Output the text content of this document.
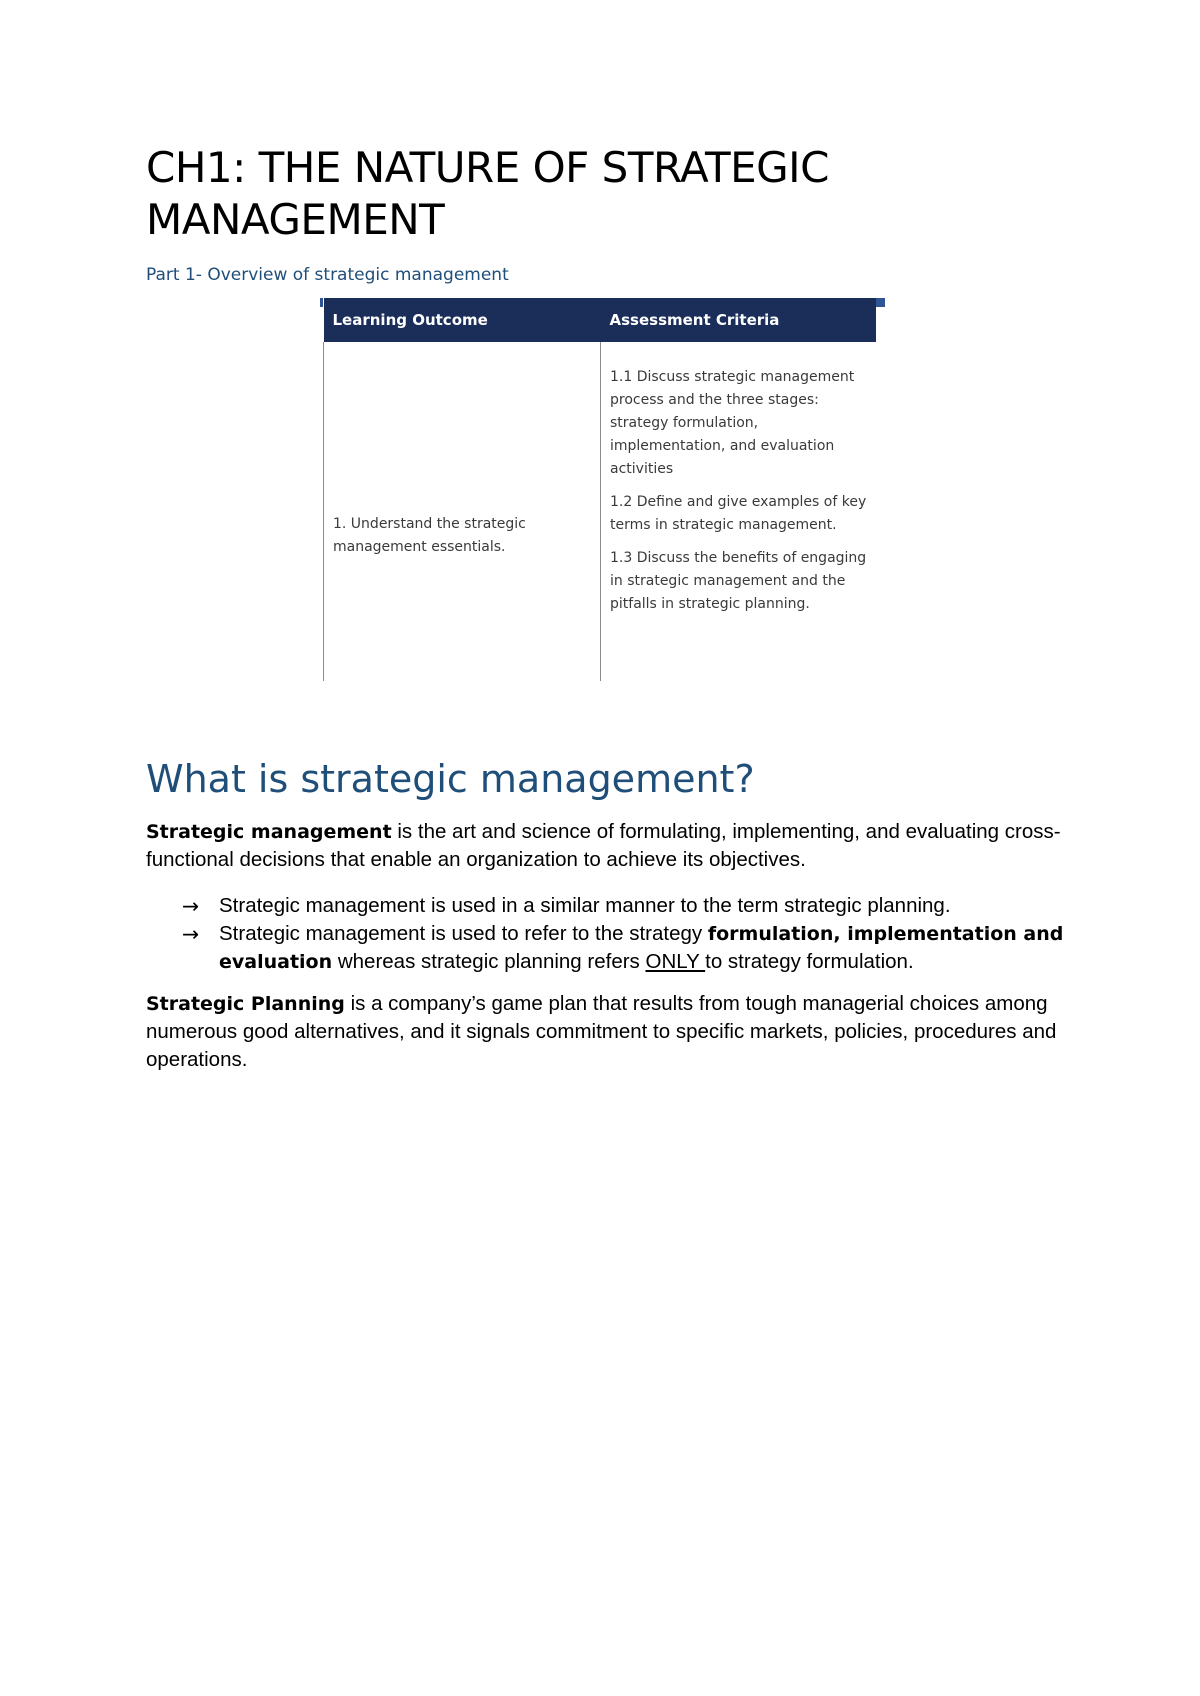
CH1: THE NATURE OF STRATEGIC MANAGEMENT

Part 1- Overview of strategic management

Learning Outcome	Assessment Criteria
1. Understand the strategic management essentials.	1.1 Discuss strategic management process and the three stages: strategy formulation, implementation, and evaluation activities

1.2 Define and give examples of key terms in strategic management.

1.3 Discuss the benefits of engaging in strategic management and the pitfalls in strategic planning.

What is strategic management?

Strategic management is the art and science of formulating, implementing, and evaluating cross-functional decisions that enable an organization to achieve its objectives.

→ Strategic management is used in a similar manner to the term strategic planning.
→ Strategic management is used to refer to the strategy formulation, implementation and evaluation whereas strategic planning refers ONLY to strategy formulation.

Strategic Planning is a company’s game plan that results from tough managerial choices among numerous good alternatives, and it signals commitment to specific markets, policies, procedures and operations.
